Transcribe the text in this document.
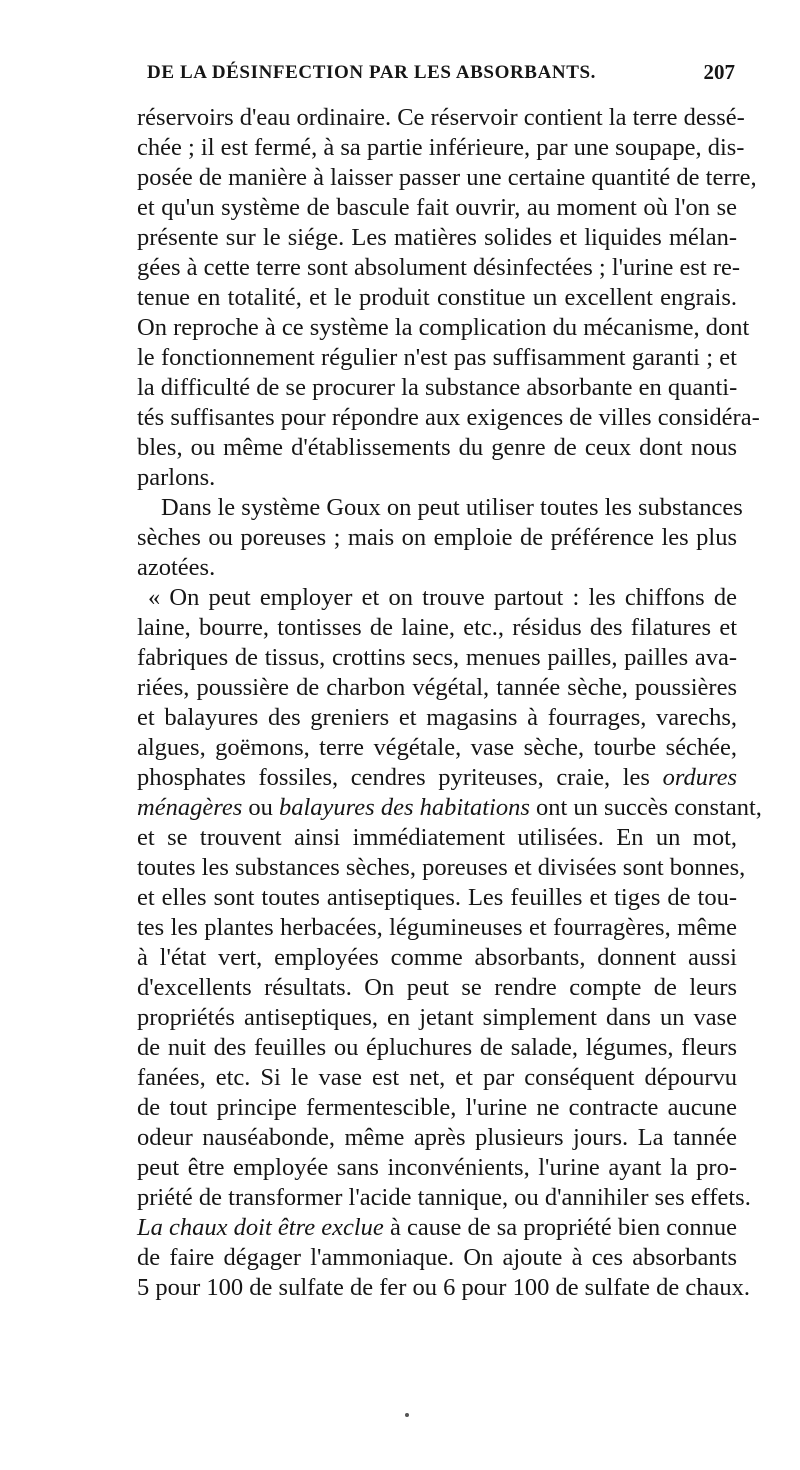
DE LA DÉSINFECTION PAR LES ABSORBANTS.	207
réservoirs d'eau ordinaire. Ce réservoir contient la terre dessé-
chée ; il est fermé, à sa partie inférieure, par une soupape, dis-
posée de manière à laisser passer une certaine quantité de terre,
et qu'un système de bascule fait ouvrir, au moment où l'on se
présente sur le siége. Les matières solides et liquides mélan-
gées à cette terre sont absolument désinfectées ; l'urine est re-
tenue en totalité, et le produit constitue un excellent engrais.
On reproche à ce système la complication du mécanisme, dont
le fonctionnement régulier n'est pas suffisamment garanti ; et
la difficulté de se procurer la substance absorbante en quanti-
tés suffisantes pour répondre aux exigences de villes considéra-
bles, ou même d'établissements du genre de ceux dont nous
parlons.
Dans le système Goux on peut utiliser toutes les substances
sèches ou poreuses ; mais on emploie de préférence les plus
azotées.
« On peut employer et on trouve partout : les chiffons de
laine, bourre, tontisses de laine, etc., résidus des filatures et
fabriques de tissus, crottins secs, menues pailles, pailles ava-
riées, poussière de charbon végétal, tannée sèche, poussières
et balayures des greniers et magasins à fourrages, varechs,
algues, goëmons, terre végétale, vase sèche, tourbe séchée,
phosphates fossiles, cendres pyriteuses, craie, les ordures
ménagères ou balayures des habitations ont un succès constant,
et se trouvent ainsi immédiatement utilisées. En un mot,
toutes les substances sèches, poreuses et divisées sont bonnes,
et elles sont toutes antiseptiques. Les feuilles et tiges de tou-
tes les plantes herbacées, légumineuses et fourragères, même
à l'état vert, employées comme absorbants, donnent aussi
d'excellents résultats. On peut se rendre compte de leurs
propriétés antiseptiques, en jetant simplement dans un vase
de nuit des feuilles ou épluchures de salade, légumes, fleurs
fanées, etc. Si le vase est net, et par conséquent dépourvu
de tout principe fermentescible, l'urine ne contracte aucune
odeur nauséabonde, même après plusieurs jours. La tannée
peut être employée sans inconvénients, l'urine ayant la pro-
priété de transformer l'acide tannique, ou d'annihiler ses effets.
La chaux doit être exclue à cause de sa propriété bien connue
de faire dégager l'ammoniaque. On ajoute à ces absorbants
5 pour 100 de sulfate de fer ou 6 pour 100 de sulfate de chaux.
